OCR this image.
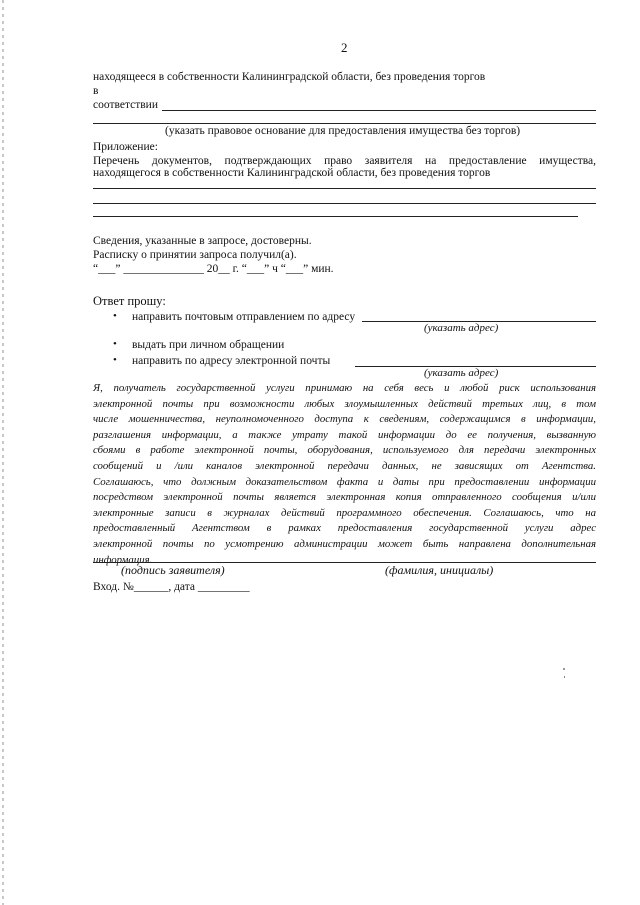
2
находящееся в собственности Калининградской области, без проведения торгов
в
соответствии
(указать правовое основание для предоставления имущества без торгов)
Приложение:
Перечень документов, подтверждающих право заявителя на предоставление имущества,
находящегося в собственности Калининградской области, без проведения торгов
Сведения, указанные в запросе, достоверны.
Расписку о принятии запроса получил(а).
“___” ______________ 20__ г. “___” ч “___” мин.
Ответ прошу:
• направить почтовым отправлением по адресу
(указать адрес)
• выдать при личном обращении
• направить по адресу электронной почты
(указать адрес)
Я, получатель государственной услуги принимаю на себя весь и любой риск использования
электронной почты при возможности любых злоумышленных действий третьих лиц, в том
числе мошенничества, неуполномоченного доступа к сведениям, содержащимся в информации,
разглашения информации, а также утрату такой информации до ее получения, вызванную
сбоями в работе электронной почты, оборудования, используемого для передачи электронных
сообщений и /или каналов электронной передачи данных, не зависящих от Агентства.
Соглашаюсь, что должным доказательством факта и даты при предоставлении информации
посредством электронной почты является электронная копия отправленного сообщения и/или
электронные записи в журналах действий программного обеспечения. Соглашаюсь, что на
предоставленный Агентством в рамках предоставления государственной услуги адрес
электронной почты по усмотрению администрации может быть направлена дополнительная
информация.
(подпись заявителя)	(фамилия, инициалы)
Вход. №______, дата _________
